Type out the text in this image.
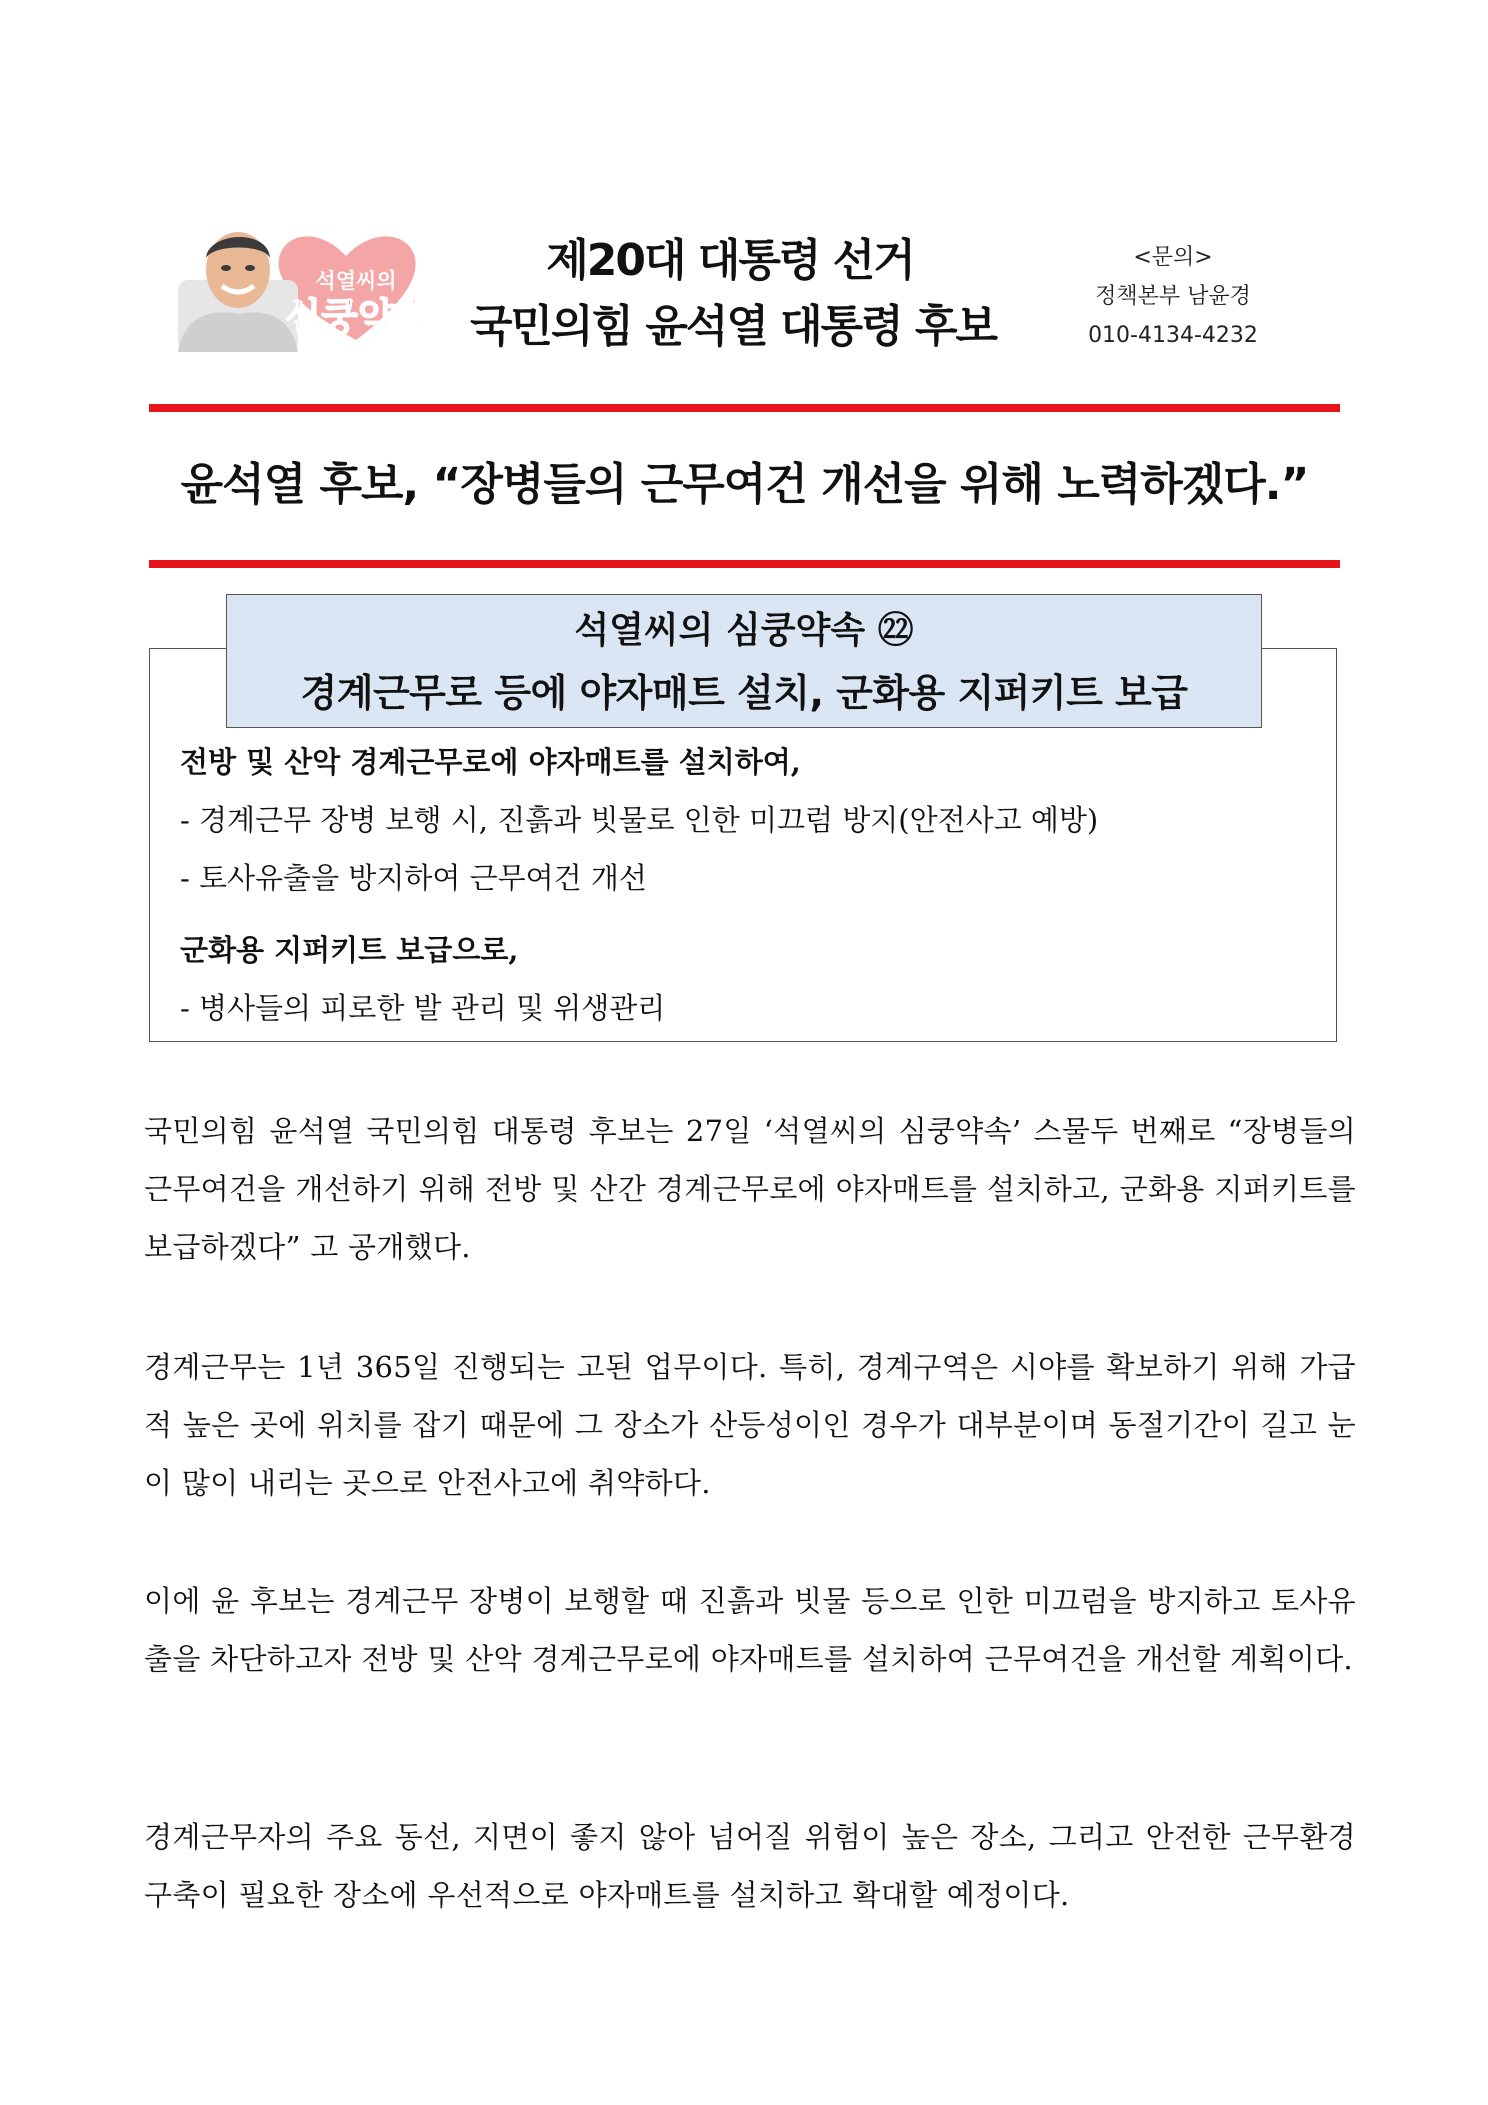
석열씨의
심쿵약속
제20대 대통령 선거
국민의힘 윤석열 대통령 후보
<문의>
정책본부 남윤경
010-4134-4232
윤석열 후보, “장병들의 근무여건 개선을 위해 노력하겠다.”
석열씨의 심쿵약속 ㉒
경계근무로 등에 야자매트 설치, 군화용 지퍼키트 보급
전방 및 산악 경계근무로에 야자매트를 설치하여,
- 경계근무 장병 보행 시, 진흙과 빗물로 인한 미끄럼 방지(안전사고 예방)
- 토사유출을 방지하여 근무여건 개선
군화용 지퍼키트 보급으로,
- 병사들의 피로한 발 관리 및 위생관리
국민의힘 윤석열 국민의힘 대통령 후보는 27일 ‘석열씨의 심쿵약속’ 스물두 번째로 “장병들의 근무여건을 개선하기 위해 전방 및 산간 경계근무로에 야자매트를 설치하고, 군화용 지퍼키트를 보급하겠다” 고 공개했다.
경계근무는 1년 365일 진행되는 고된 업무이다. 특히, 경계구역은 시야를 확보하기 위해 가급적 높은 곳에 위치를 잡기 때문에 그 장소가 산등성이인 경우가 대부분이며 동절기간이 길고 눈이 많이 내리는 곳으로 안전사고에 취약하다.
이에 윤 후보는 경계근무 장병이 보행할 때 진흙과 빗물 등으로 인한 미끄럼을 방지하고 토사유출을 차단하고자 전방 및 산악 경계근무로에 야자매트를 설치하여 근무여건을 개선할 계획이다.
경계근무자의 주요 동선, 지면이 좋지 않아 넘어질 위험이 높은 장소, 그리고 안전한 근무환경 구축이 필요한 장소에 우선적으로 야자매트를 설치하고 확대할 예정이다.
